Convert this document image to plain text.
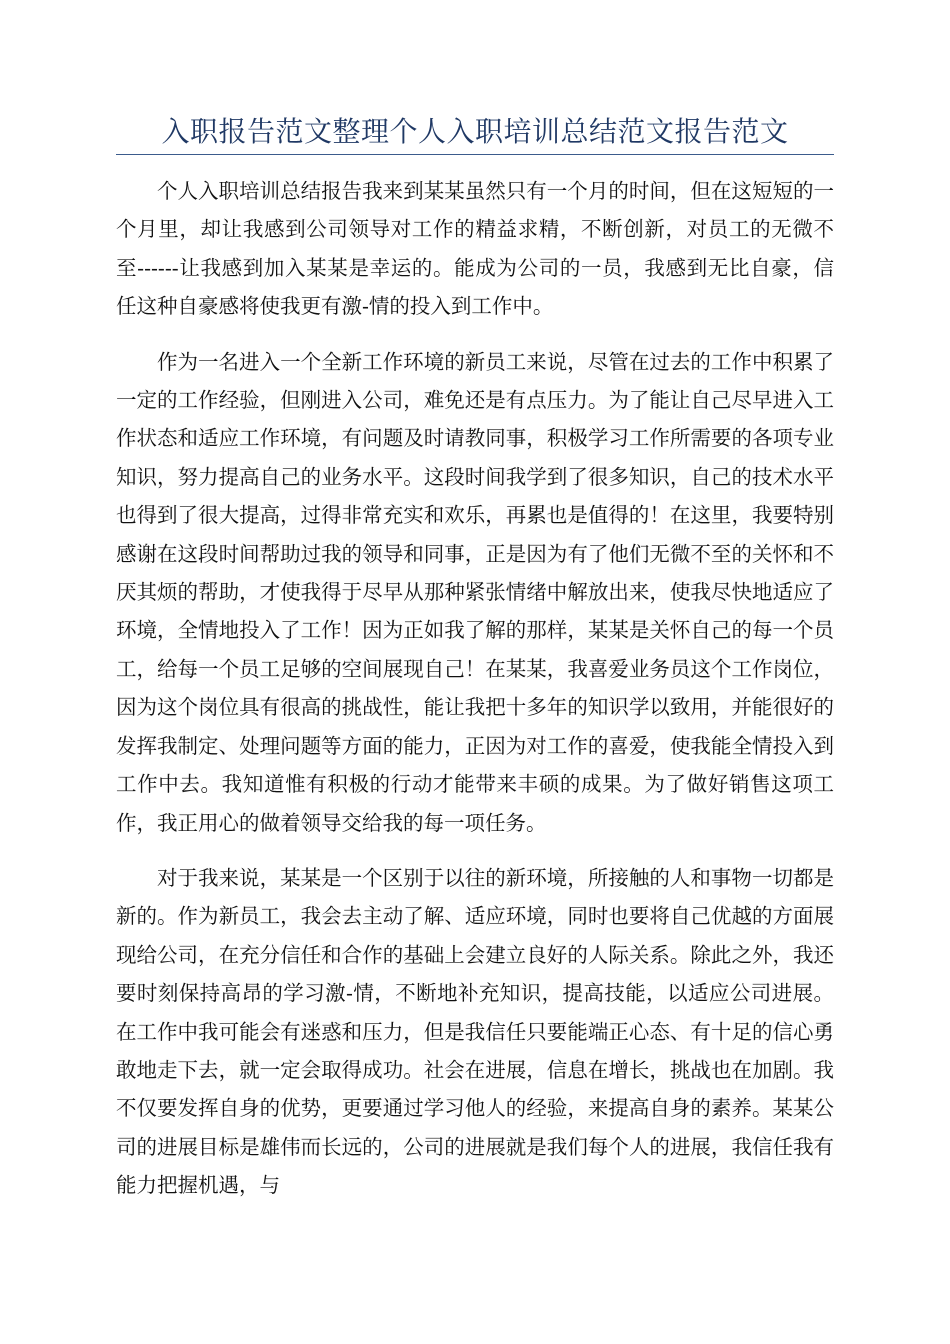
入职报告范文整理个人入职培训总结范文报告范文

个人入职培训总结报告我来到某某虽然只有一个月的时间，但在这短短的一个月里，却让我感到公司领导对工作的精益求精，不断创新，对员工的无微不至------让我感到加入某某是幸运的。能成为公司的一员，我感到无比自豪，信任这种自豪感将使我更有激-情的投入到工作中。

作为一名进入一个全新工作环境的新员工来说，尽管在过去的工作中积累了一定的工作经验，但刚进入公司，难免还是有点压力。为了能让自己尽早进入工作状态和适应工作环境，有问题及时请教同事，积极学习工作所需要的各项专业知识，努力提高自己的业务水平。这段时间我学到了很多知识，自己的技术水平也得到了很大提高，过得非常充实和欢乐，再累也是值得的！在这里，我要特别感谢在这段时间帮助过我的领导和同事，正是因为有了他们无微不至的关怀和不厌其烦的帮助，才使我得于尽早从那种紧张情绪中解放出来，使我尽快地适应了环境，全情地投入了工作！因为正如我了解的那样，某某是关怀自己的每一个员工，给每一个员工足够的空间展现自己！在某某，我喜爱业务员这个工作岗位，因为这个岗位具有很高的挑战性，能让我把十多年的知识学以致用，并能很好的发挥我制定、处理问题等方面的能力，正因为对工作的喜爱，使我能全情投入到工作中去。我知道惟有积极的行动才能带来丰硕的成果。为了做好销售这项工作，我正用心的做着领导交给我的每一项任务。

对于我来说，某某是一个区别于以往的新环境，所接触的人和事物一切都是新的。作为新员工，我会去主动了解、适应环境，同时也要将自己优越的方面展现给公司，在充分信任和合作的基础上会建立良好的人际关系。除此之外，我还要时刻保持高昂的学习激-情，不断地补充知识，提高技能，以适应公司进展。在工作中我可能会有迷惑和压力，但是我信任只要能端正心态、有十足的信心勇敢地走下去，就一定会取得成功。社会在进展，信息在增长，挑战也在加剧。我不仅要发挥自身的优势，更要通过学习他人的经验，来提高自身的素养。某某公司的进展目标是雄伟而长远的，公司的进展就是我们每个人的进展，我信任我有能力把握机遇，与
